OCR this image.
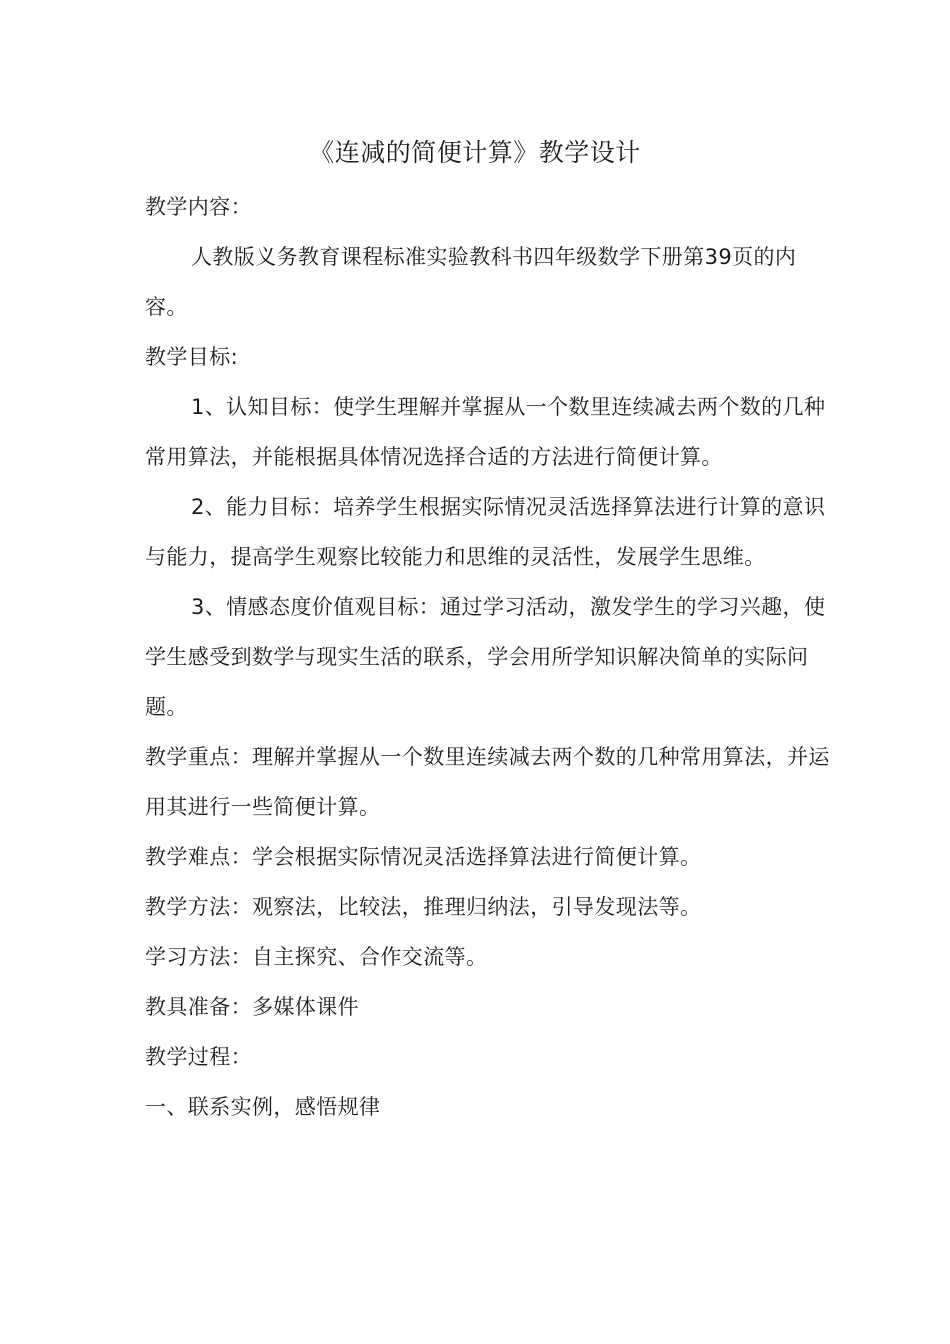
《连减的简便计算》教学设计

教学内容：

人教版义务教育课程标准实验教科书四年级数学下册第39页的内容。

教学目标:

1、认知目标：使学生理解并掌握从一个数里连续减去两个数的几种常用算法，并能根据具体情况选择合适的方法进行简便计算。

2、能力目标：培养学生根据实际情况灵活选择算法进行计算的意识与能力，提高学生观察比较能力和思维的灵活性，发展学生思维。

3、情感态度价值观目标：通过学习活动，激发学生的学习兴趣，使学生感受到数学与现实生活的联系，学会用所学知识解决简单的实际问题。

教学重点：理解并掌握从一个数里连续减去两个数的几种常用算法，并运用其进行一些简便计算。

教学难点：学会根据实际情况灵活选择算法进行简便计算。

教学方法：观察法，比较法，推理归纳法，引导发现法等。

学习方法：自主探究、合作交流等。

教具准备：多媒体课件

教学过程：

一、联系实例，感悟规律
